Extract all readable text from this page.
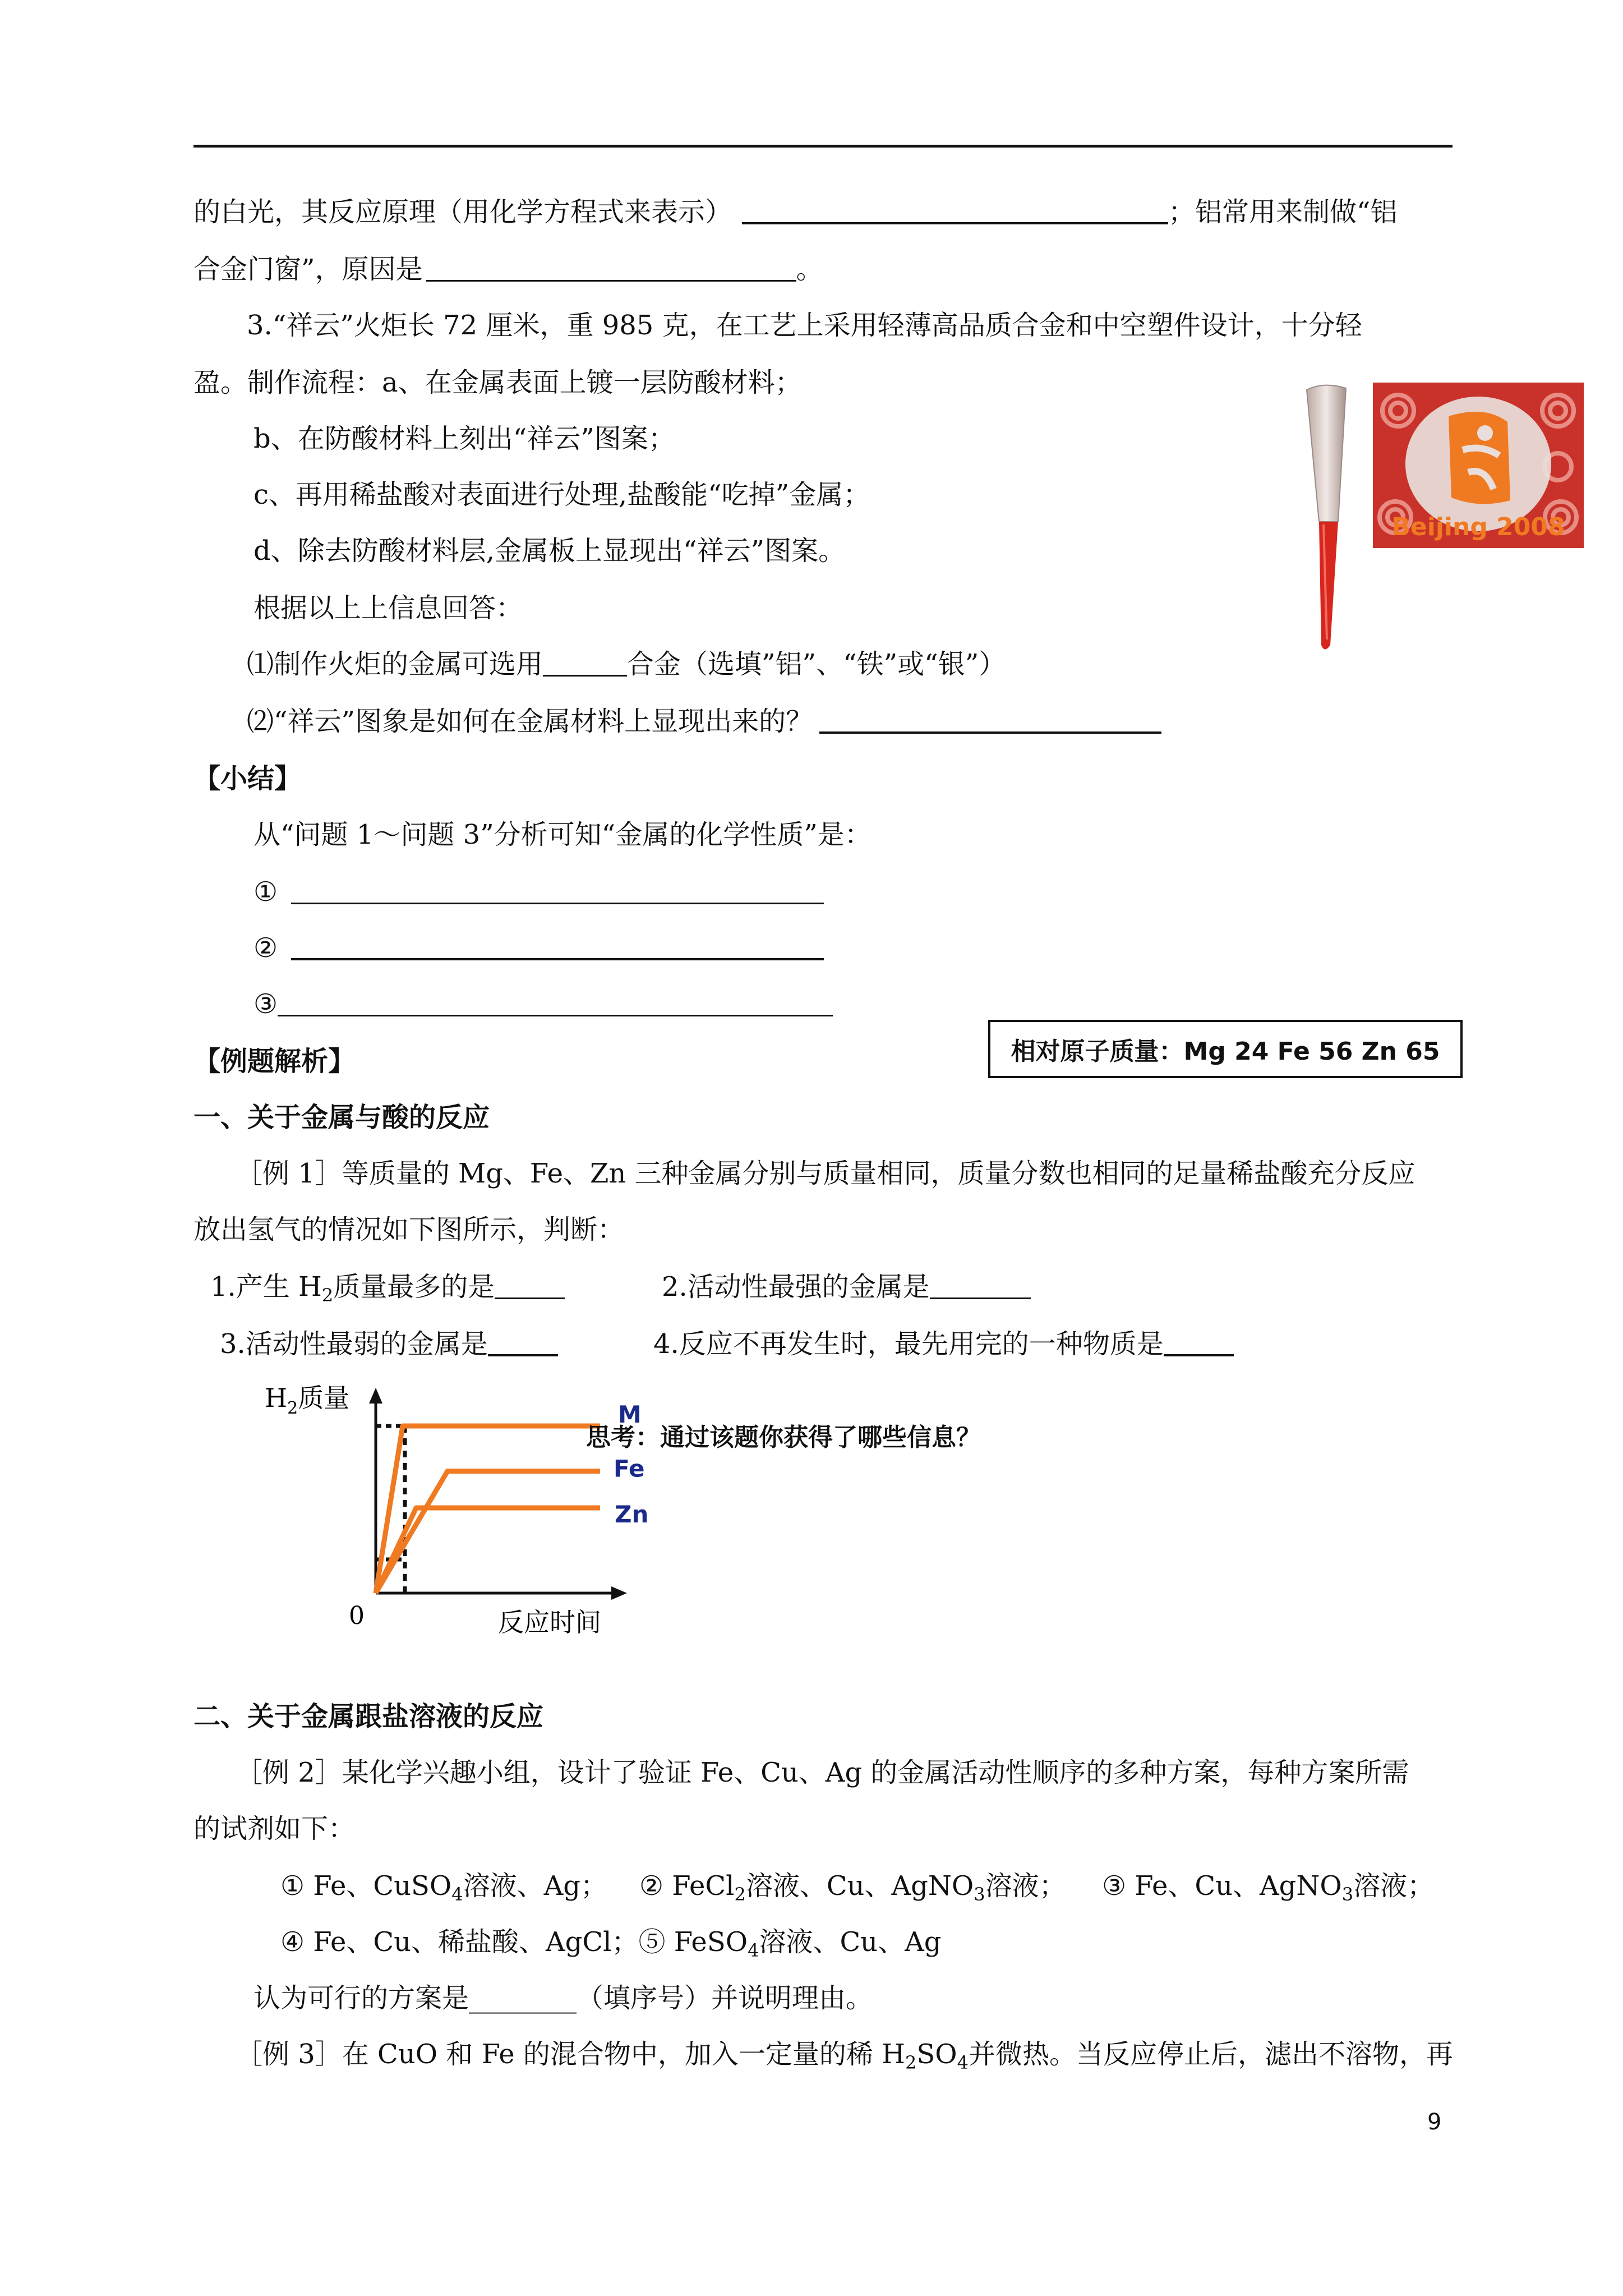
的白光，其反应原理（用化学方程式来表示）	；铝常用来制做“铝
合金门窗”，原因是	。
3.“祥云”火炬长 72 厘米，重 985 克，在工艺上采用轻薄高品质合金和中空塑件设计，十分轻
盈。制作流程：a、在金属表面上镀一层防酸材料；
b、在防酸材料上刻出“祥云”图案；
c、再用稀盐酸对表面进行处理,盐酸能“吃掉”金属；
d、除去防酸材料层,金属板上显现出“祥云”图案。
根据以上上信息回答：
⑴制作火炬的金属可选用	合金（选填”铝”、“铁”或“银”）
⑵“祥云”图象是如何在金属材料上显现出来的？
Beijing 2008
【小结】
从“问题 1～问题 3”分析可知“金属的化学性质”是：
①
②
③
【例题解析】	相对原子质量：Mg 24 Fe 56 Zn 65
一、关于金属与酸的反应
［例 1］等质量的 Mg、Fe、Zn 三种金属分别与质量相同，质量分数也相同的足量稀盐酸充分反应
放出氢气的情况如下图所示，判断：
1.产生 $H_2$质量最多的是	2.活动性最强的金属是
3.活动性最弱的金属是	4.反应不再发生时，最先用完的一种物质是
$H_2$质量
0	反应时间
M
Fe
Zn
思考：通过该题你获得了哪些信息？
二、关于金属跟盐溶液的反应
［例 2］某化学兴趣小组，设计了验证 Fe、Cu、Ag 的金属活动性顺序的多种方案，每种方案所需
的试剂如下：
① Fe、CuSO$_4$溶液、Ag； ② FeCl$_2$溶液、Cu、AgNO$_3$溶液； ③ Fe、Cu、AgNO$_3$溶液；
④ Fe、Cu、稀盐酸、AgCl；⑤ FeSO$_4$溶液、Cu、Ag
认为可行的方案是________（填序号）并说明理由。
［例 3］在 CuO 和 Fe 的混合物中，加入一定量的稀 $H_2SO_4$并微热。当反应停止后，滤出不溶物，再
9
